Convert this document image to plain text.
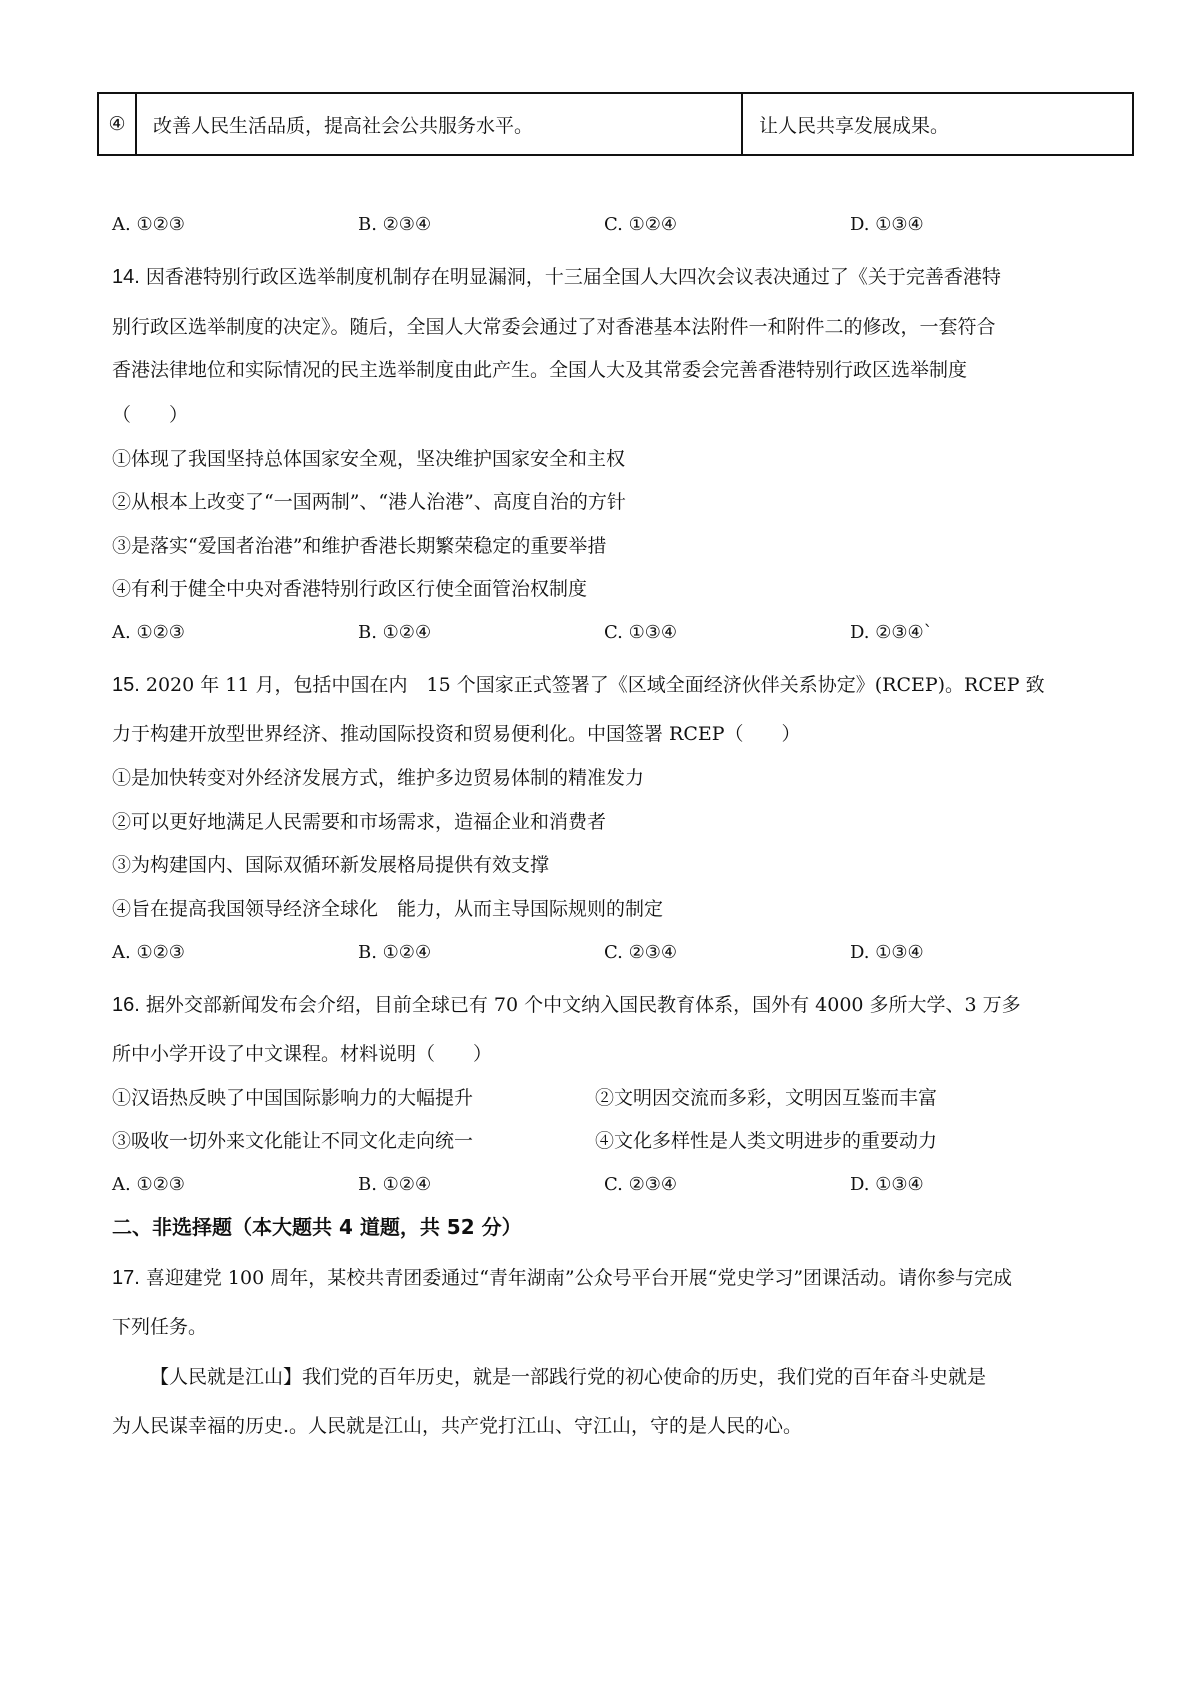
④	改善人民生活品质，提高社会公共服务水平。	让人民共享发展成果。
A. ①②③	B. ②③④	C. ①②④	D. ①③④
14. 因香港特别行政区选举制度机制存在明显漏洞，十三届全国人大四次会议表决通过了《关于完善香港特
别行政区选举制度的决定》。随后，全国人大常委会通过了对香港基本法附件一和附件二的修改，一套符合
香港法律地位和实际情况的民主选举制度由此产生。全国人大及其常委会完善香港特别行政区选举制度
（　　）
①体现了我国坚持总体国家安全观，坚决维护国家安全和主权
②从根本上改变了“一国两制”、“港人治港”、高度自治的方针
③是落实“爱国者治港”和维护香港长期繁荣稳定的重要举措
④有利于健全中央对香港特别行政区行使全面管治权制度
A. ①②③	B. ①②④	C. ①③④	D. ②③④`
15. 2020 年 11 月，包括中国在内　15 个国家正式签署了《区域全面经济伙伴关系协定》(RCEP)。RCEP 致
力于构建开放型世界经济、推动国际投资和贸易便利化。中国签署 RCEP（　　）
①是加快转变对外经济发展方式，维护多边贸易体制的精准发力
②可以更好地满足人民需要和市场需求，造福企业和消费者
③为构建国内、国际双循环新发展格局提供有效支撑
④旨在提高我国领导经济全球化　能力，从而主导国际规则的制定
A. ①②③	B. ①②④	C. ②③④	D. ①③④
16. 据外交部新闻发布会介绍，目前全球已有 70 个中文纳入国民教育体系，国外有 4000 多所大学、3 万多
所中小学开设了中文课程。材料说明（　　）
①汉语热反映了中国国际影响力的大幅提升	②文明因交流而多彩，文明因互鉴而丰富
③吸收一切外来文化能让不同文化走向统一	④文化多样性是人类文明进步的重要动力
A. ①②③	B. ①②④	C. ②③④	D. ①③④
二、非选择题（本大题共 4 道题，共 52 分）
17. 喜迎建党 100 周年，某校共青团委通过“青年湖南”公众号平台开展“党史学习”团课活动。请你参与完成
下列任务。
【人民就是江山】我们党的百年历史，就是一部践行党的初心使命的历史，我们党的百年奋斗史就是
为人民谋幸福的历史.。人民就是江山，共产党打江山、守江山，守的是人民的心。
